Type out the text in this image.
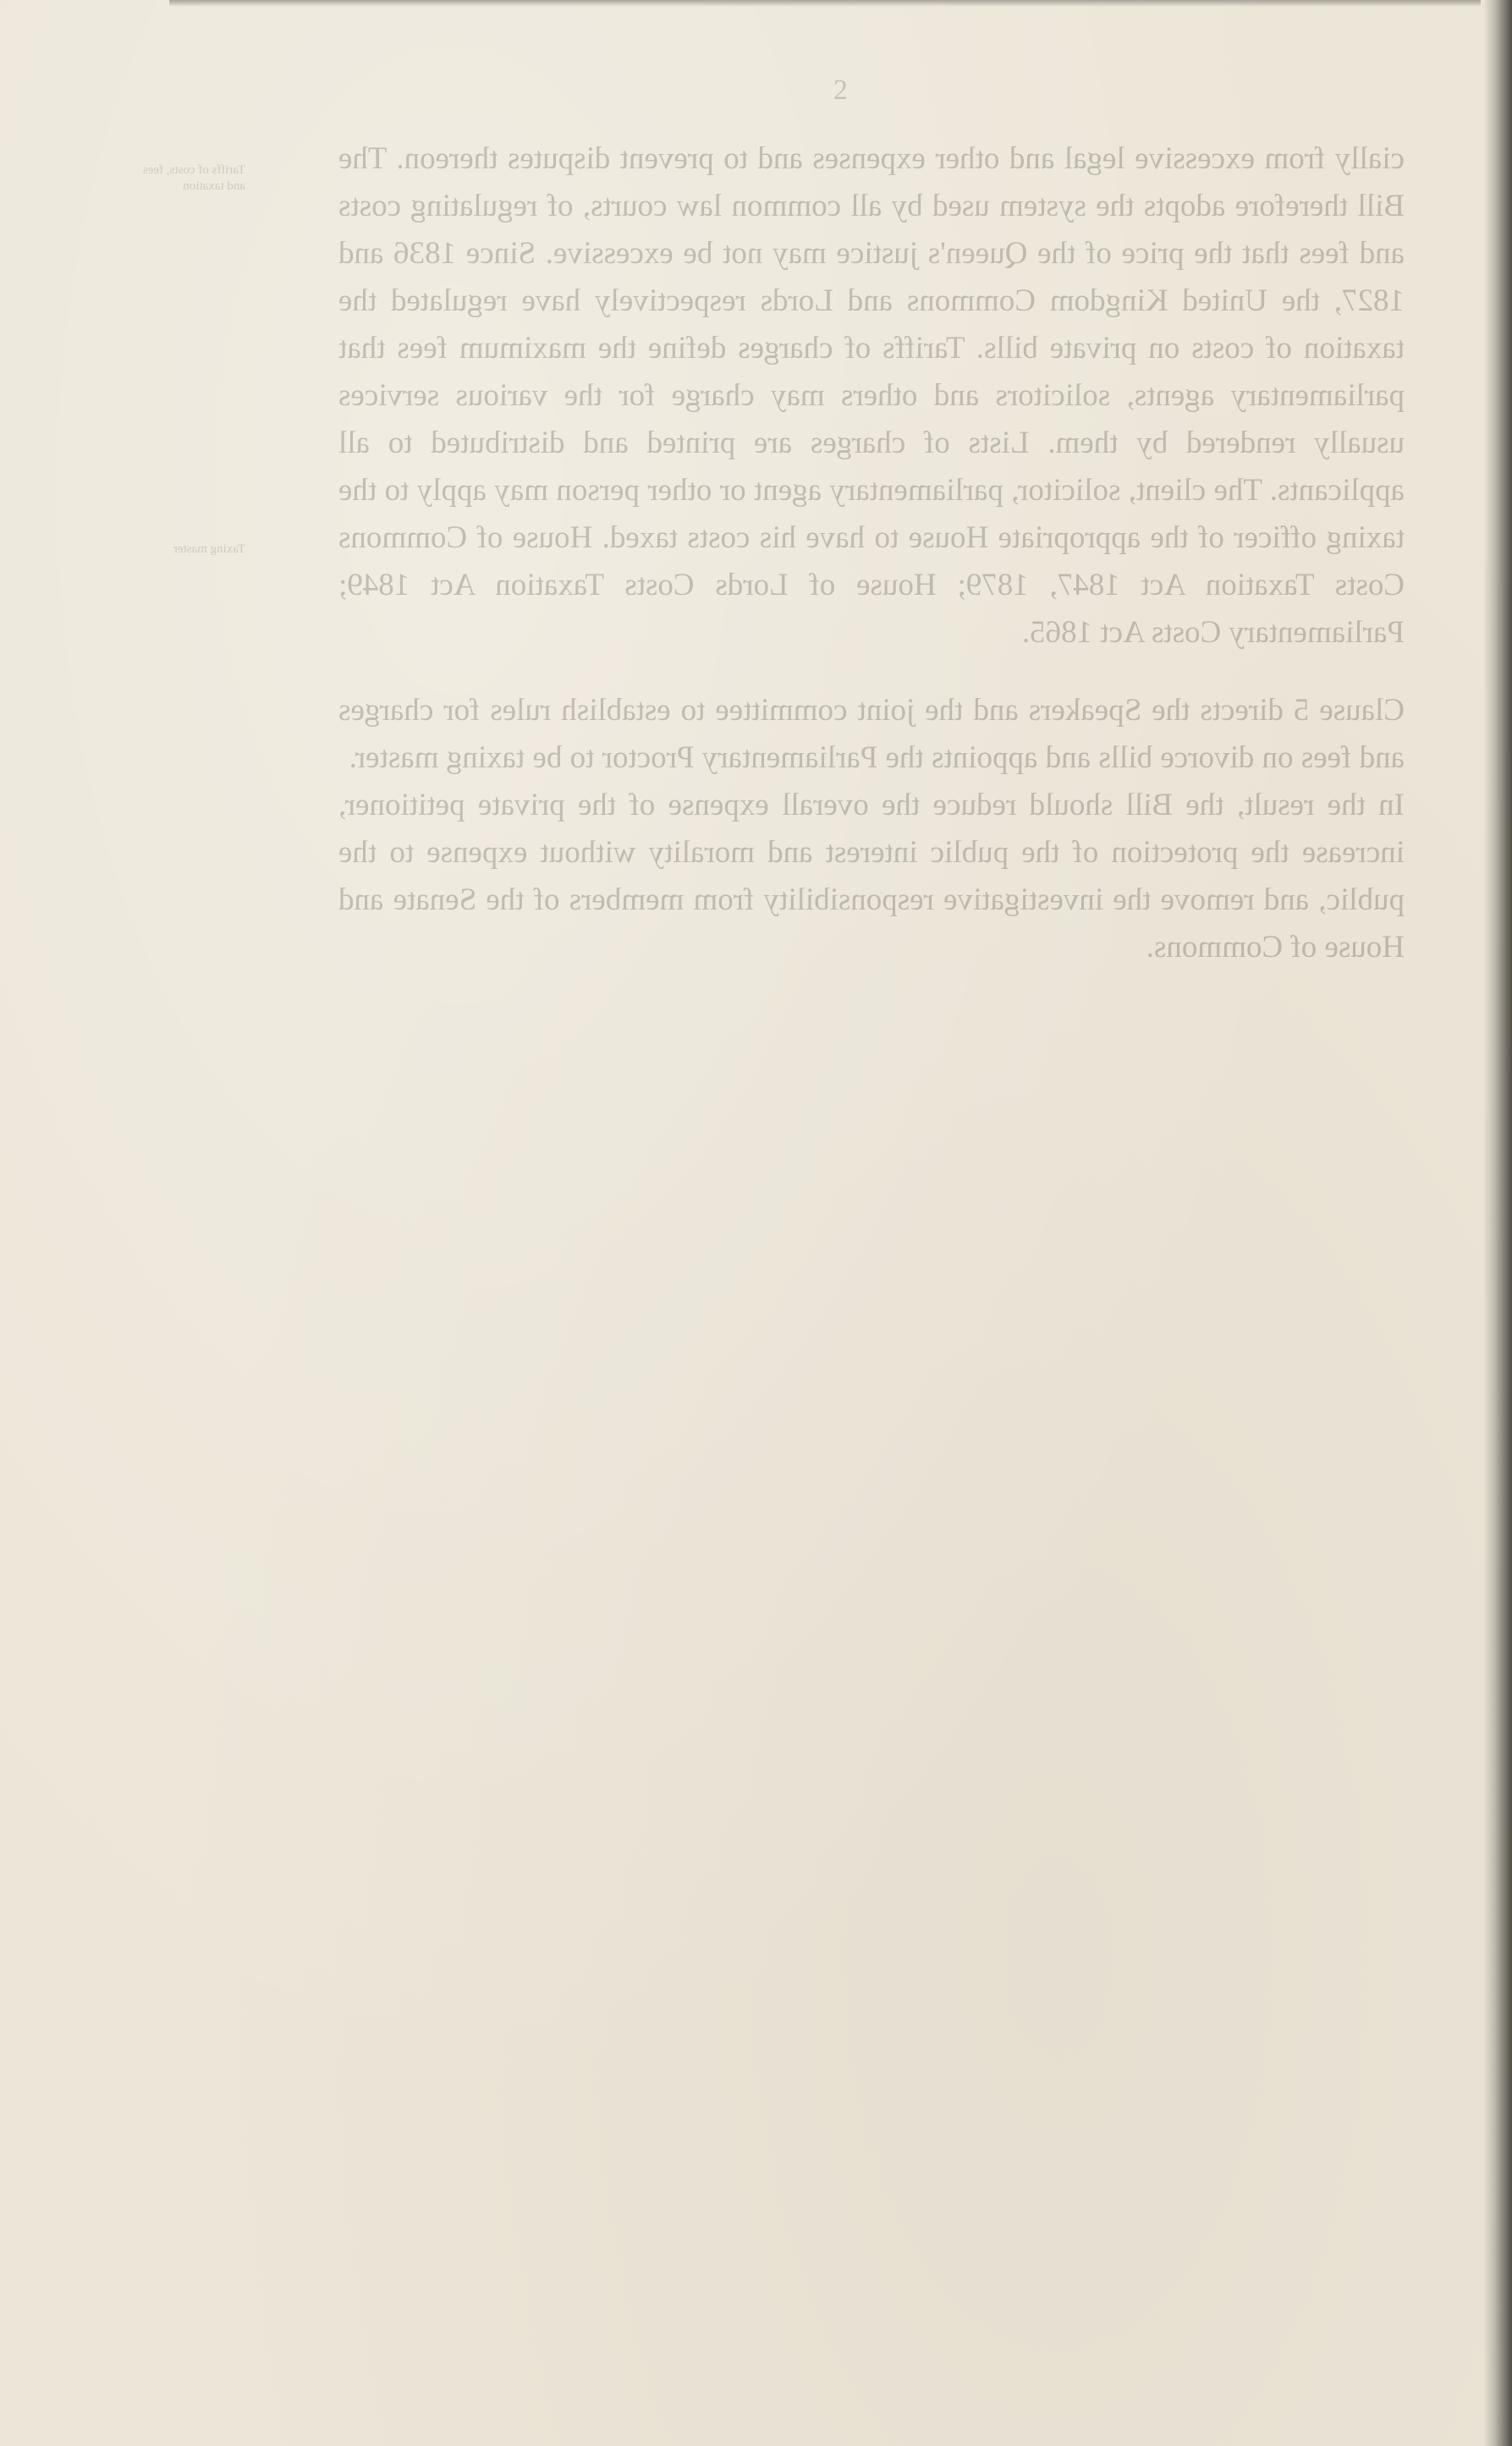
2
Tariffs of costs, fees and taxation
Taxing master

cially from excessive legal and other expenses and to prevent disputes thereon. The Bill therefore adopts the system used by all common law courts, of regulating costs and fees that the price of the Queen's justice may not be excessive. Since 1836 and 1827, the United Kingdom Commons and Lords respectively have regulated the taxation of costs on private bills. Tariffs of charges define the maximum fees that parliamentary agents, solicitors and others may charge for the various services usually rendered by them. Lists of charges are printed and distributed to all applicants. The client, solicitor, parliamentary agent or other person may apply to the taxing officer of the appropriate House to have his costs taxed. House of Commons Costs Taxation Act 1847, 1879; House of Lords Costs Taxation Act 1849; Parliamentary Costs Act 1865.

Clause 5 directs the Speakers and the joint committee to establish rules for charges and fees on divorce bills and appoints the Parliamentary Proctor to be taxing master.

In the result, the Bill should reduce the overall expense of the private petitioner, increase the protection of the public interest and morality without expense to the public, and remove the investigative responsibility from members of the Senate and House of Commons.
